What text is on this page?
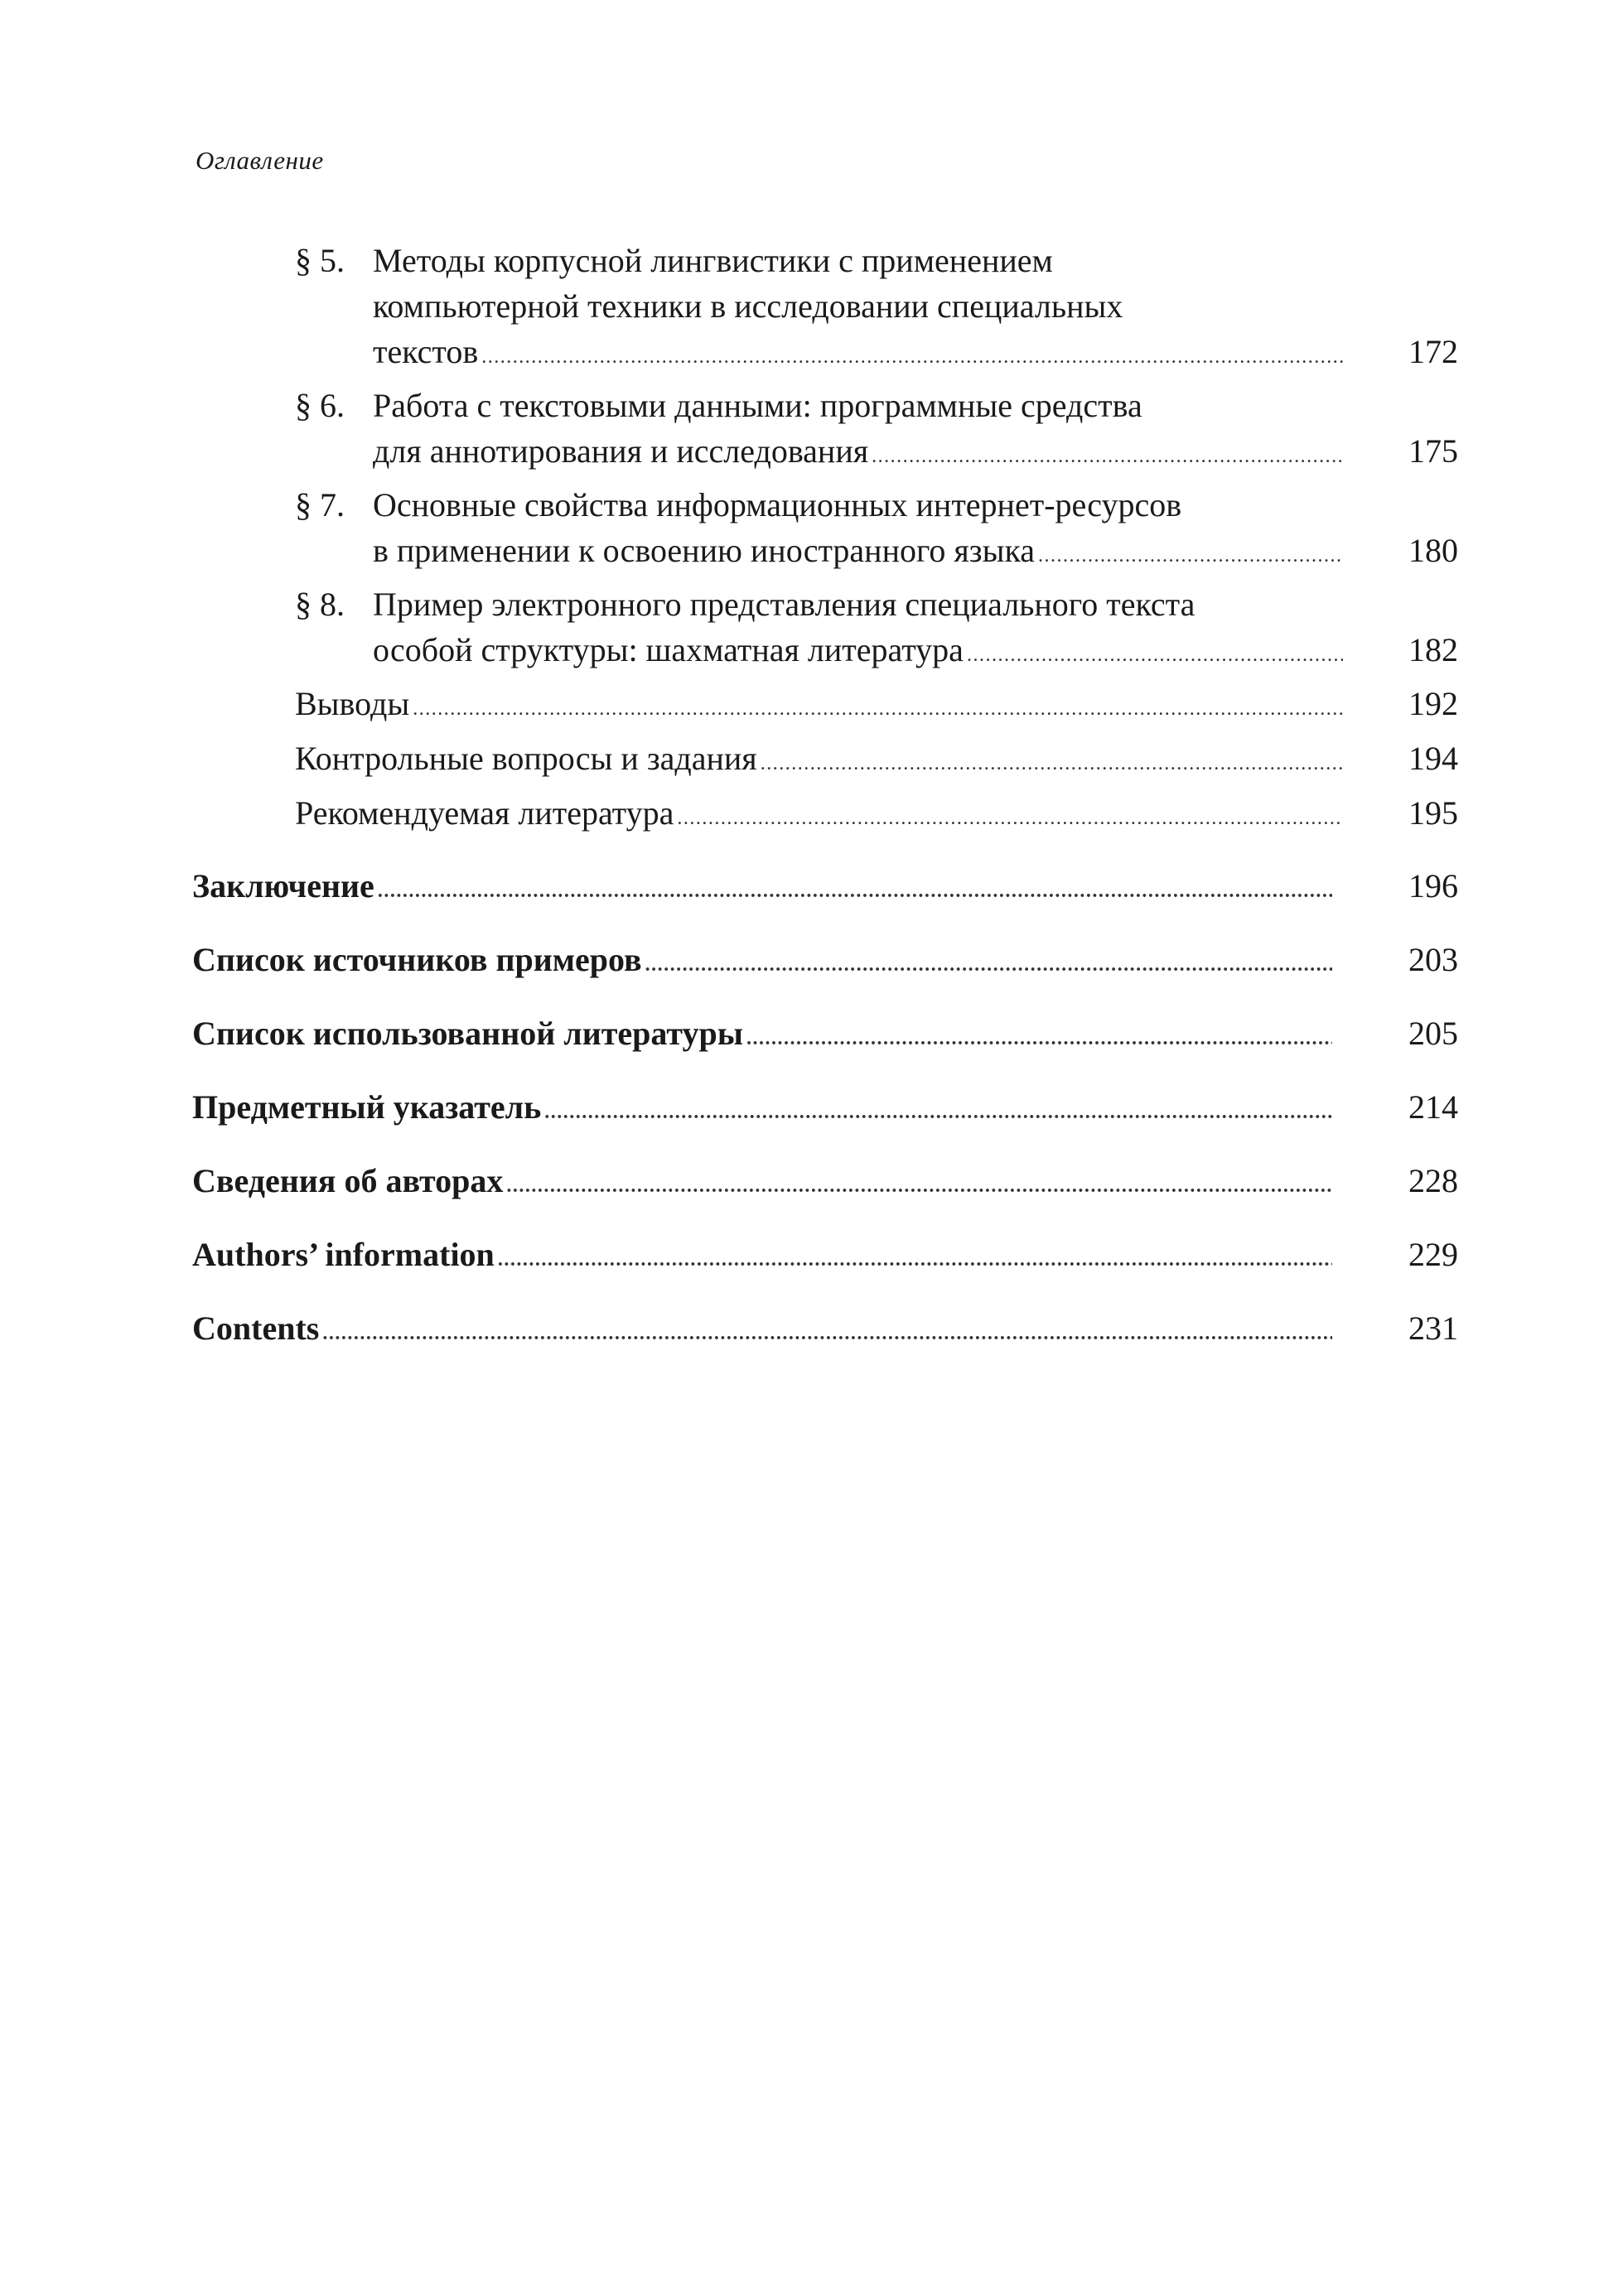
Оглавление
§ 5. Методы корпусной лингвистики с применением
компьютерной техники в исследовании специальных
текстов .....	172
§ 6. Работа с текстовыми данными: программные средства
для аннотирования и исследования .....	175
§ 7. Основные свойства информационных интернет-ресурсов
в применении к освоению иностранного языка .....	180
§ 8. Пример электронного представления специального текста
особой структуры: шахматная литература .....	182
Выводы .....	192
Контрольные вопросы и задания .....	194
Рекомендуемая литература .....	195
Заключение .....	196
Список источников примеров .....	203
Список использованной литературы .....	205
Предметный указатель .....	214
Сведения об авторах .....	228
Authors’ information .....	229
Contents .....	231
